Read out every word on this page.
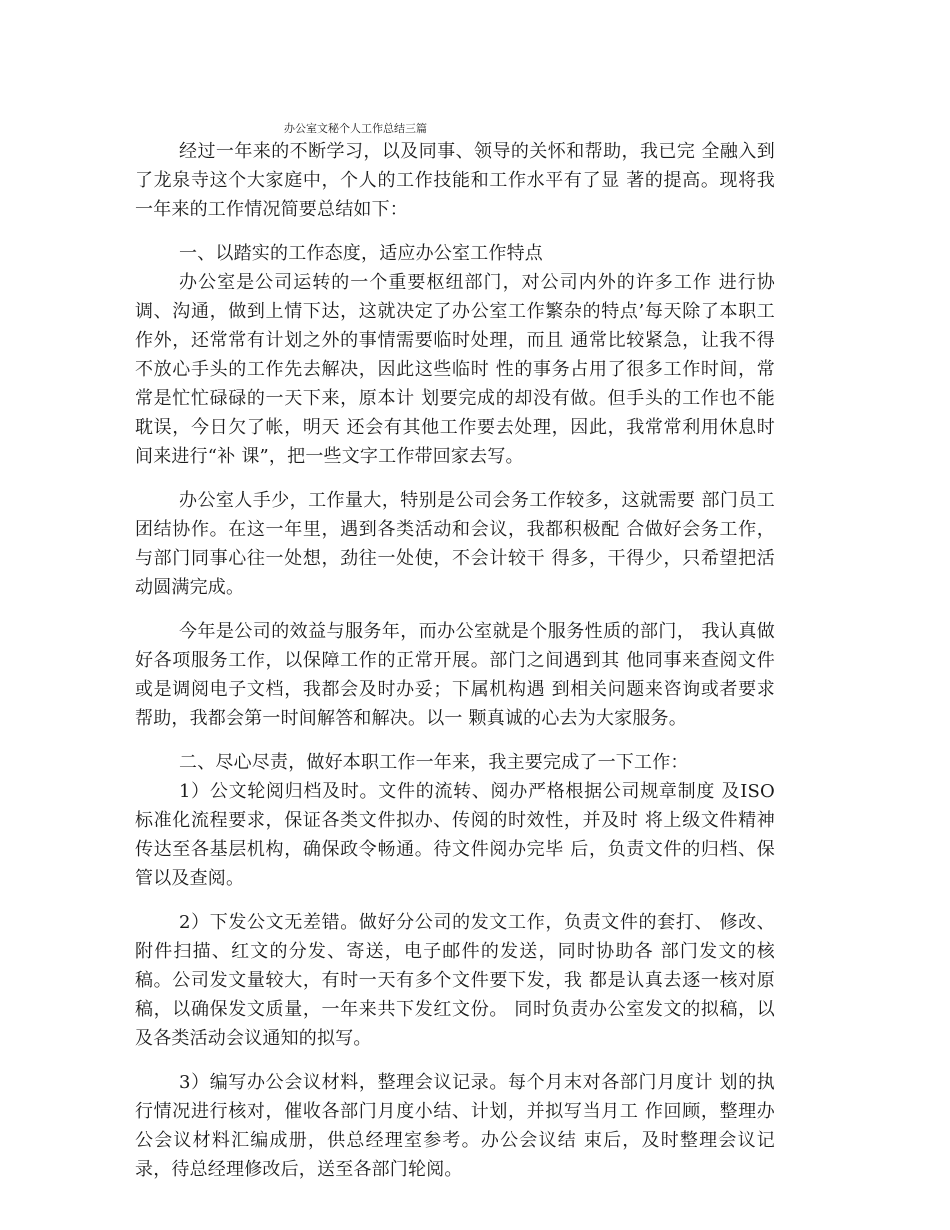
办公室文秘个人工作总结三篇

经过一年来的不断学习，以及同事、领导的关怀和帮助，我已完 全融入到了龙泉寺这个大家庭中，个人的工作技能和工作水平有了显 著的提高。现将我一年来的工作情况简要总结如下：

一、以踏实的工作态度，适应办公室工作特点

办公室是公司运转的一个重要枢纽部门，对公司内外的许多工作 进行协调、沟通，做到上情下达，这就决定了办公室工作繁杂的特点’每天除了本职工作外，还常常有计划之外的事情需要临时处理，而且 通常比较紧急，让我不得不放心手头的工作先去解决，因此这些临时 性的事务占用了很多工作时间，常常是忙忙碌碌的一天下来，原本计 划要完成的却没有做。但手头的工作也不能耽误，今日欠了帐，明天 还会有其他工作要去处理，因此，我常常利用休息时间来进行“补 课”，把一些文字工作带回家去写。

办公室人手少，工作量大，特别是公司会务工作较多，这就需要 部门员工团结协作。在这一年里，遇到各类活动和会议，我都积极配 合做好会务工作，与部门同事心往一处想，劲往一处使，不会计较干 得多，干得少，只希望把活动圆满完成。

今年是公司的效益与服务年，而办公室就是个服务性质的部门， 我认真做好各项服务工作，以保障工作的正常开展。部门之间遇到其 他同事来查阅文件或是调阅电子文档，我都会及时办妥；下属机构遇 到相关问题来咨询或者要求帮助，我都会第一时间解答和解决。以一 颗真诚的心去为大家服务。

二、尽心尽责，做好本职工作一年来，我主要完成了一下工作：

1）公文轮阅归档及时。文件的流转、阅办严格根据公司规章制度 及ISO 标准化流程要求，保证各类文件拟办、传阅的时效性，并及时 将上级文件精神传达至各基层机构，确保政令畅通。待文件阅办完毕 后，负责文件的归档、保管以及查阅。

2）下发公文无差错。做好分公司的发文工作，负责文件的套打、 修改、附件扫描、红文的分发、寄送，电子邮件的发送，同时协助各 部门发文的核稿。公司发文量较大，有时一天有多个文件要下发，我 都是认真去逐一核对原稿，以确保发文质量，一年来共下发红文份。 同时负责办公室发文的拟稿，以及各类活动会议通知的拟写。

3）编写办公会议材料，整理会议记录。每个月末对各部门月度计 划的执行情况进行核对，催收各部门月度小结、计划，并拟写当月工 作回顾，整理办公会议材料汇编成册，供总经理室参考。办公会议结 束后，及时整理会议记录，待总经理修改后，送至各部门轮阅。
